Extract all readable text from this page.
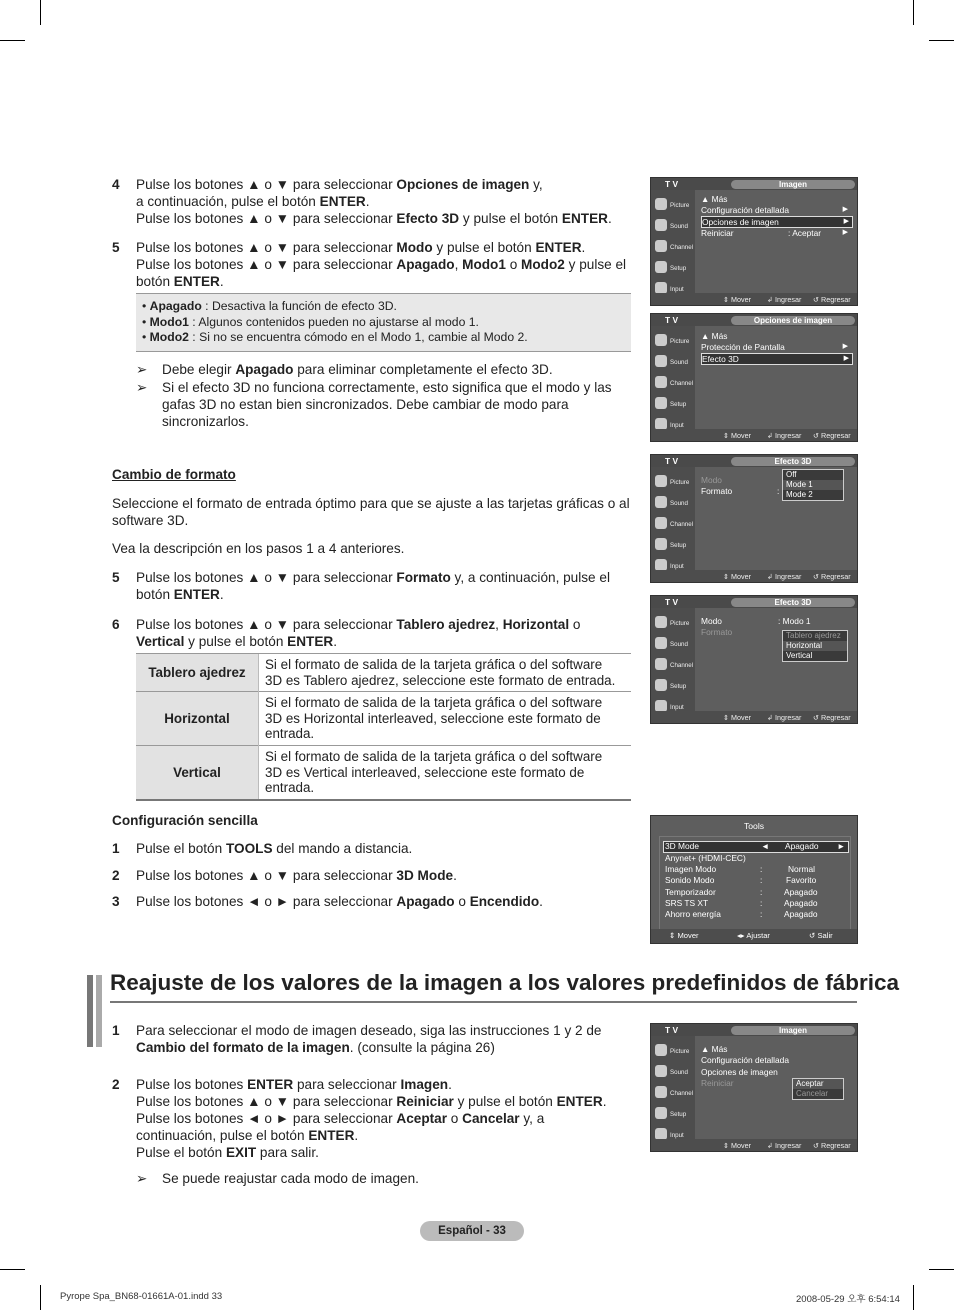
4 Pulse los botones ▲ o ▼ para seleccionar Opciones de imagen y,
a continuación, pulse el botón ENTER.
Pulse los botones ▲ o ▼ para seleccionar Efecto 3D y pulse el botón ENTER.
5 Pulse los botones ▲ o ▼ para seleccionar Modo y pulse el botón ENTER.
Pulse los botones ▲ o ▼ para seleccionar Apagado, Modo1 o Modo2 y pulse el
botón ENTER.
• Apagado : Desactiva la función de efecto 3D.
• Modo1 : Algunos contenidos pueden no ajustarse al modo 1.
• Modo2 : Si no se encuentra cómodo en el Modo 1, cambie al Modo 2.
➢ Debe elegir Apagado para eliminar completamente el efecto 3D.
➢ Si el efecto 3D no funciona correctamente, esto significa que el modo y las
gafas 3D no estan bien sincronizados. Debe cambiar de modo para
sincronizarlos.
Cambio de formato
Seleccione el formato de entrada óptimo para que se ajuste a las tarjetas gráficas o al
software 3D.
Vea la descripción en los pasos 1 a 4 anteriores.
5 Pulse los botones ▲ o ▼ para seleccionar Formato y, a continuación, pulse el
botón ENTER.
6 Pulse los botones ▲ o ▼ para seleccionar Tablero ajedrez, Horizontal o
Vertical y pulse el botón ENTER.
Tablero ajedrez	Si el formato de salida de la tarjeta gráfica o del software
3D es Tablero ajedrez, seleccione este formato de entrada.

Horizontal	Si el formato de salida de la tarjeta gráfica o del software
3D es Horizontal interleaved, seleccione este formato de
entrada.

Vertical	Si el formato de salida de la tarjeta gráfica o del software
3D es Vertical interleaved, seleccione este formato de
entrada.
Configuración sencilla
1 Pulse el botón TOOLS del mando a distancia.
2 Pulse los botones ▲ o ▼ para seleccionar 3D Mode.
3 Pulse los botones ◄ o ► para seleccionar Apagado o Encendido.
Reajuste de los valores de la imagen a los valores predefinidos de fábrica
1 Para seleccionar el modo de imagen deseado, siga las instrucciones 1 y 2 de
Cambio del formato de la imagen. (consulte la página 26)
2 Pulse los botones ENTER para seleccionar Imagen.
Pulse los botones ▲ o ▼ para seleccionar Reiniciar y pulse el botón ENTER.
Pulse los botones ◄ o ► para seleccionar Aceptar o Cancelar y, a
continuación, pulse el botón ENTER.
Pulse el botón EXIT para salir.
➢ Se puede reajustar cada modo de imagen.
T V	Imagen
Picture
Sound
Channel
Setup
Input
▲ Más
Configuración detallada	▶
Opciones de imagen	▶
Reiniciar	: Aceptar	▶
⇕ Mover ↲ Ingresar ↺ Regresar
T V	Opciones de imagen
Picture
Sound
Channel
Setup
Input
▲ Más
Protección de Pantalla	▶
Efecto 3D	▶
⇕ Mover ↲ Ingresar ↺ Regresar
T V	Efecto 3D
Picture
Sound
Channel
Setup
Input
Modo
Formato	:
Off
Mode 1
Mode 2
⇕ Mover ↲ Ingresar ↺ Regresar
T V	Efecto 3D
Picture
Sound
Channel
Setup
Input
Modo	: Modo 1
Formato	Tablero ajedrez
Horizontal
Vertical
⇕ Mover ↲ Ingresar ↺ Regresar
Tools
3D Mode	◄ Apagado ►
Anynet+ (HDMI-CEC)
Imagen Modo	:	Normal
Sonido Modo	:	Favorito
Temporizador	:	Apagado
SRS TS XT	:	Apagado
Ahorro energía	:	Apagado
⇕ Mover	◂▸ Ajustar	↺ Salir
T V	Imagen
Picture
Sound
Channel
Setup
Input
▲ Más
Configuración detallada
Opciones de imagen
Reiniciar	Aceptar
Cancelar
⇕ Mover ↲ Ingresar ↺ Regresar
Español - 33
Pyrope Spa_BN68-01661A-01.indd 33	2008-05-29 오후 6:54:14
